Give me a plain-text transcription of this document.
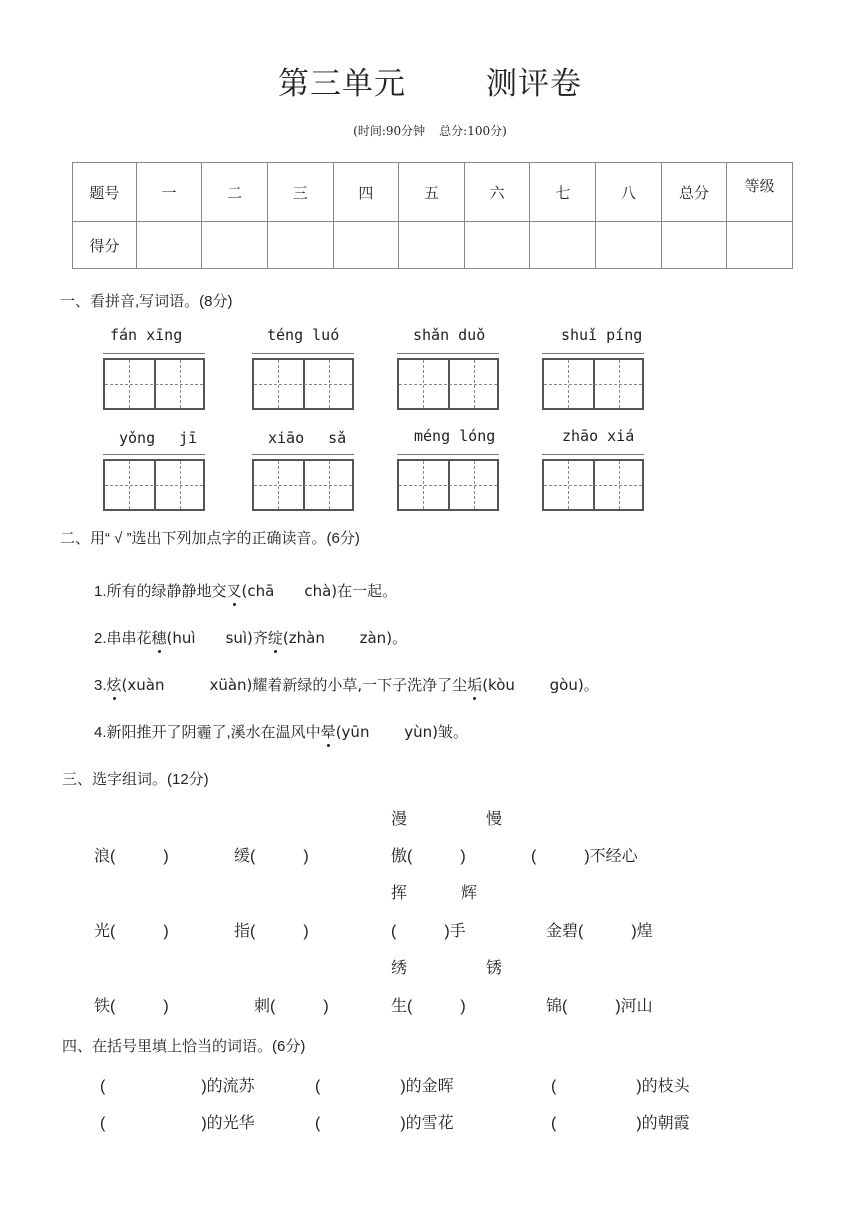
第三单元	测评卷
(时间:90分钟 总分:100分)
题号	一	二	三	四	五	六	七	八	总分	等级
得分										
一、看拼音,写词语。(8分)
fán xīng	téng luó	shǎn duǒ	shuǐ píng
yǒng　 jī	xiāo　 sǎ	méng lóng	zhāo xiá
二、用“ √ ”选出下列加点字的正确读音。(6分)
1.所有的绿静静地交叉(chā　　chà)在一起。
2.串串花穗(huì　　suì)齐绽(zhàn　　 zàn)。
3.炫(xuàn　　　xüàn)耀着新绿的小草,一下子洗净了尘垢(kòu　　 gòu)。
4.新阳推开了阴霾了,溪水在温风中晕(yūn　　 yùn)皱。
三、选字组词。(12分)
漫	慢
浪(　　　)	缓(　　　)	傲(　　　)	(　　　)不经心
挥	辉
光(　　　)	指(　　　)	(　　　)手	金碧(　　　)煌
绣	锈
铁(　　　)	刺(　　　)	生(　　　)	锦(　　　)河山
四、在括号里填上恰当的词语。(6分)
(　　　　　　)的流苏	(　　　　　)的金晖	(　　　　　)的枝头
(　　　　　　)的光华	(　　　　　)的雪花	(　　　　　)的朝霞
